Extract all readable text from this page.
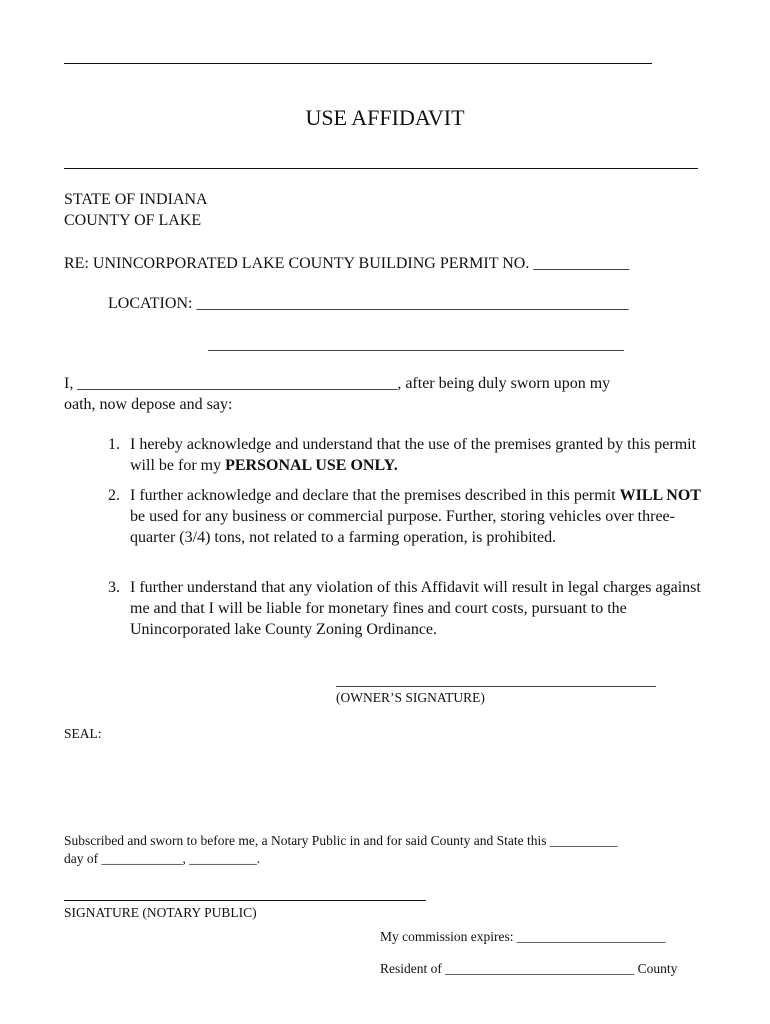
USE AFFIDAVIT
STATE OF INDIANA
COUNTY OF LAKE
RE: UNINCORPORATED LAKE COUNTY BUILDING PERMIT NO. ____________
LOCATION: ______________________________________________________
____________________________________________________
I, ________________________________________, after being duly sworn upon my
oath, now depose and say:
1. I hereby acknowledge and understand that the use of the premises granted by this permit will be for my PERSONAL USE ONLY.
2. I further acknowledge and declare that the premises described in this permit WILL NOT be used for any business or commercial purpose. Further, storing vehicles over three-quarter (3/4) tons, not related to a farming operation, is prohibited.
3. I further understand that any violation of this Affidavit will result in legal charges against me and that I will be liable for monetary fines and court costs, pursuant to the Unincorporated lake County Zoning Ordinance.
________________________________________
(OWNER’S SIGNATURE)
SEAL:
Subscribed and sworn to before me, a Notary Public in and for said County and State this __________
day of ____________, __________.
SIGNATURE (NOTARY PUBLIC)
My commission expires: ______________________
Resident of ____________________________ County
